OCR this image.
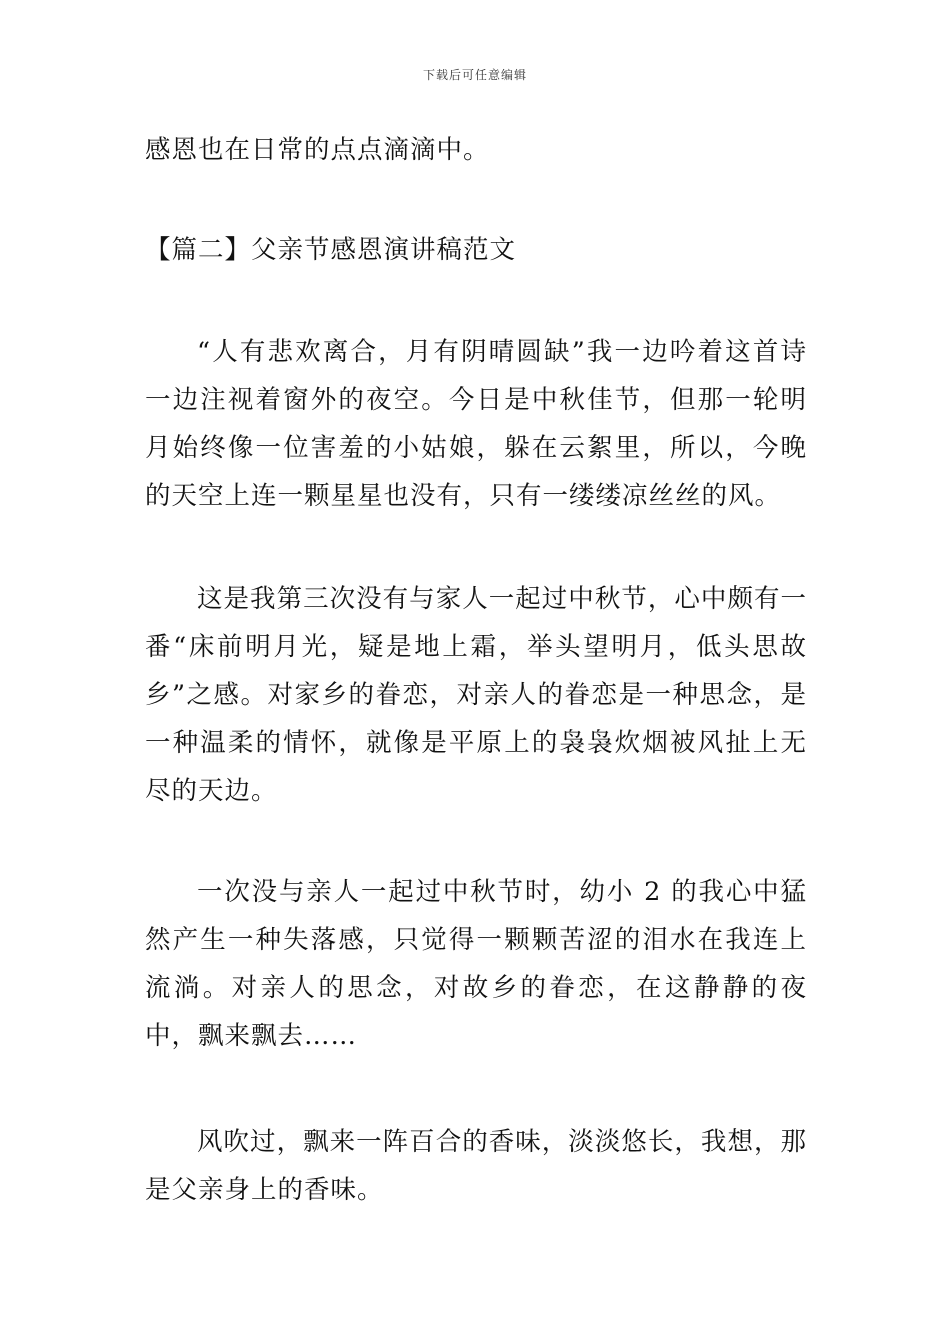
下载后可任意编辑

感恩也在日常的点点滴滴中。

【篇二】父亲节感恩演讲稿范文

“人有悲欢离合，月有阴晴圆缺”我一边吟着这首诗一边注视着窗外的夜空。今日是中秋佳节，但那一轮明月始终像一位害羞的小姑娘，躲在云絮里，所以，今晚的天空上连一颗星星也没有，只有一缕缕凉丝丝的风。

这是我第三次没有与家人一起过中秋节，心中颇有一番“床前明月光，疑是地上霜，举头望明月，低头思故乡”之感。对家乡的眷恋，对亲人的眷恋是一种思念，是一种温柔的情怀，就像是平原上的袅袅炊烟被风扯上无尽的天边。

一次没与亲人一起过中秋节时，幼小 2 的我心中猛然产生一种失落感，只觉得一颗颗苦涩的泪水在我连上流淌。对亲人的思念，对故乡的眷恋，在这静静的夜中，飘来飘去……

风吹过，飘来一阵百合的香味，淡淡悠长，我想，那是父亲身上的香味。
